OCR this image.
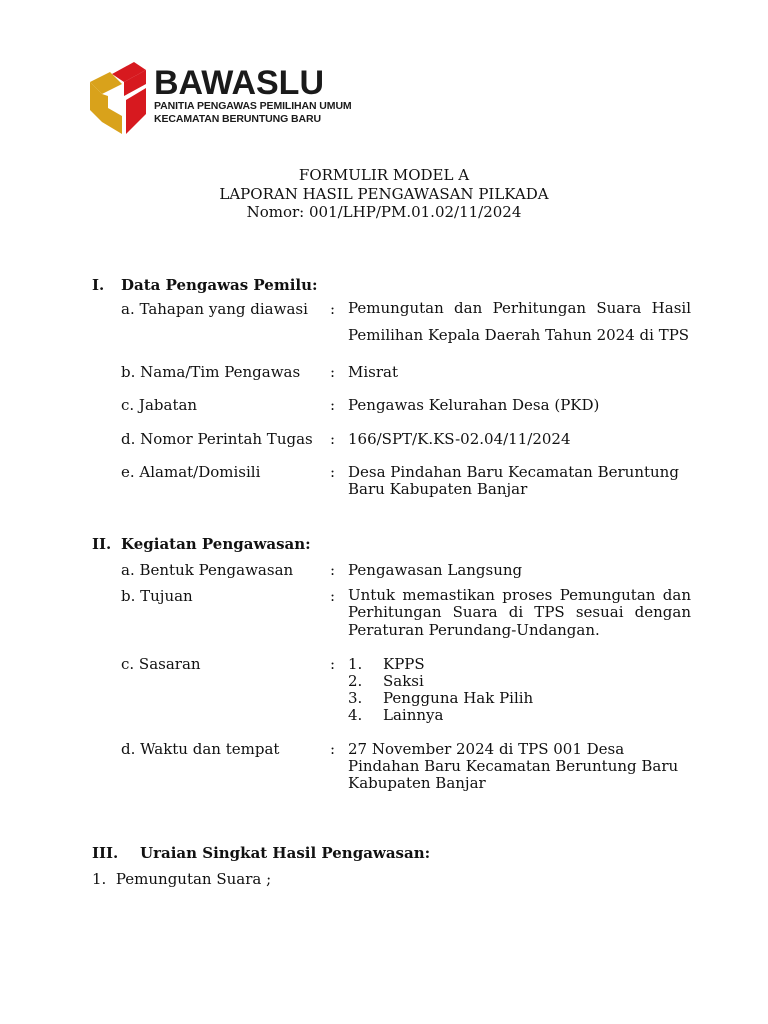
BAWASLU
PANITIA PENGAWAS PEMILIHAN UMUM
KECAMATAN BERUNTUNG BARU
FORMULIR MODEL A
LAPORAN HASIL PENGAWASAN PILKADA
Nomor: 001/LHP/PM.01.02/11/2024
I. Data Pengawas Pemilu:
a. Tahapan yang diawasi : Pemungutan dan Perhitungan Suara Hasil
Pemilihan Kepala Daerah Tahun 2024 di TPS
b. Nama/Tim Pengawas : Misrat
c. Jabatan	: Pengawas Kelurahan Desa (PKD)
d. Nomor Perintah Tugas : 166/SPT/K.KS-02.04/11/2024
e. Alamat/Domisili	: Desa Pindahan Baru Kecamatan Beruntung
Baru Kabupaten Banjar
II. Kegiatan Pengawasan:
a. Bentuk Pengawasan : Pengawasan Langsung
b. Tujuan	: Untuk memastikan proses Pemungutan dan
Perhitungan Suara di TPS sesuai dengan
Peraturan Perundang-Undangan.
c. Sasaran	: 1. KPPS
2. Saksi
3. Pengguna Hak Pilih
4. Lainnya
d. Waktu dan tempat	: 27 November 2024 di TPS 001 Desa
Pindahan Baru Kecamatan Beruntung Baru
Kabupaten Banjar
III. Uraian Singkat Hasil Pengawasan:
1.  Pemungutan Suara ;
